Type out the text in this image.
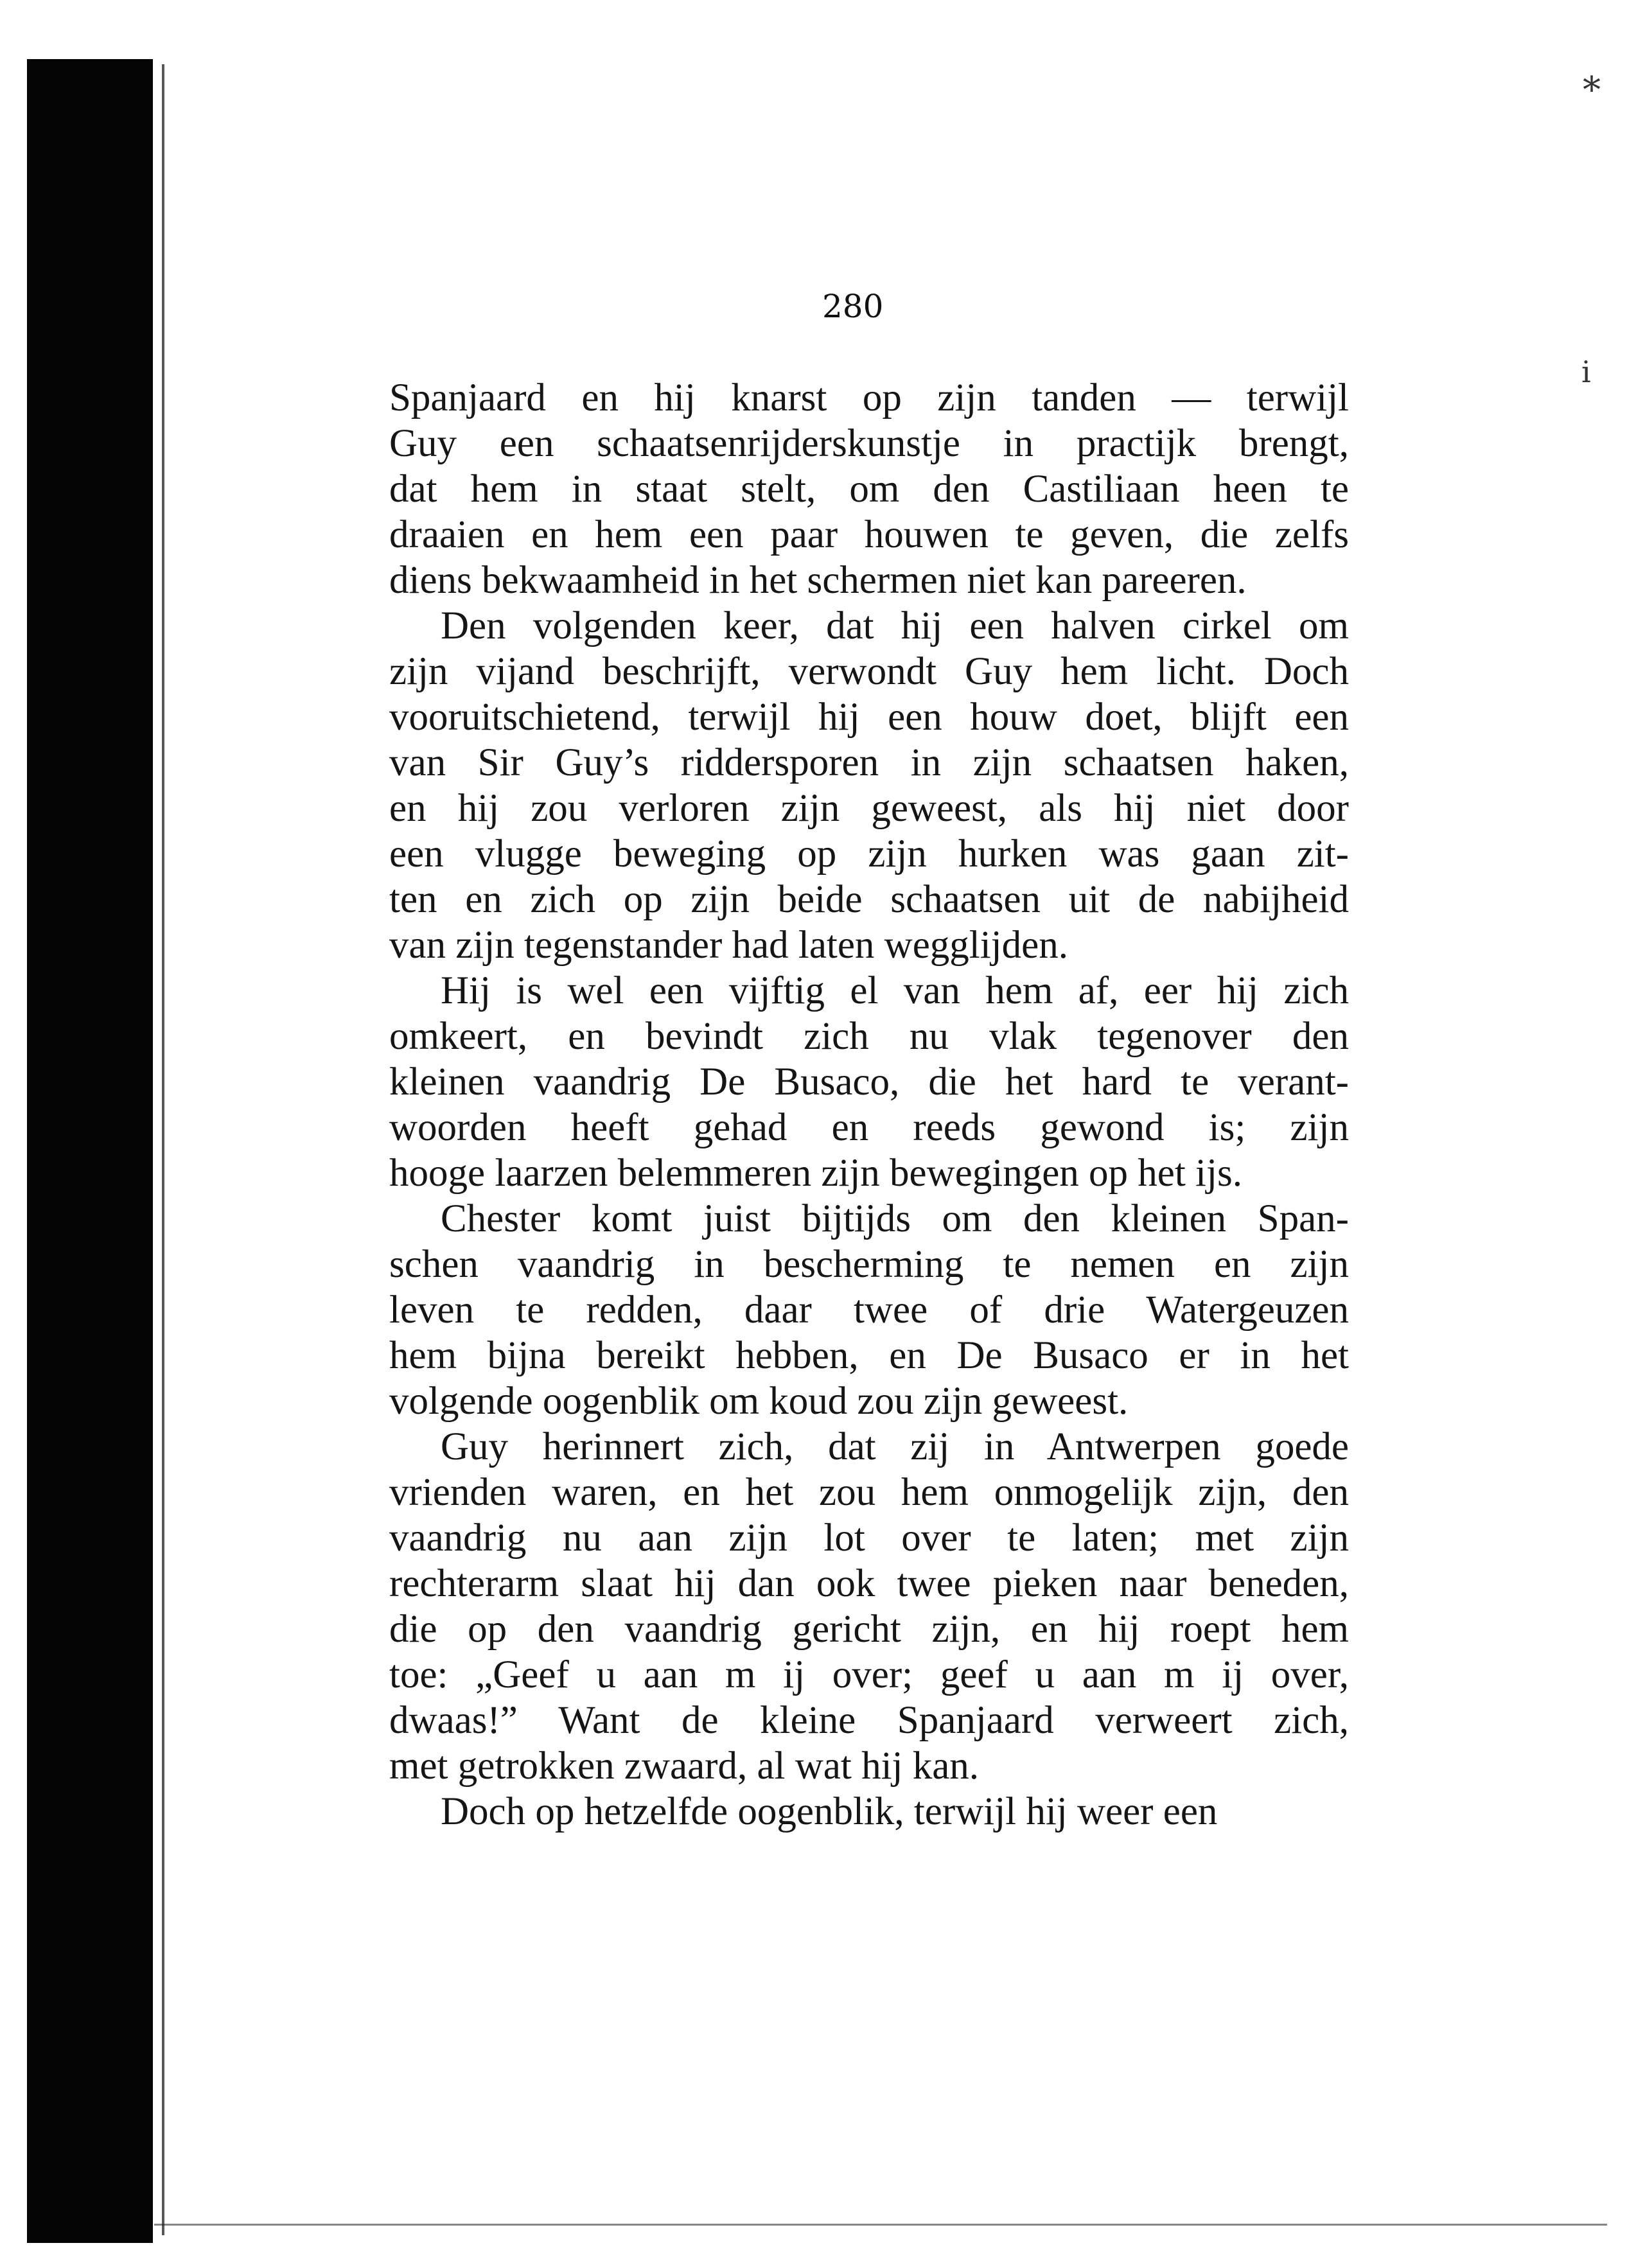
*
i
280
Spanjaard en hij knarst op zijn tanden — terwijl
Guy een schaatsenrijderskunstje in practijk brengt,
dat hem in staat stelt, om den Castiliaan heen te
draaien en hem een paar houwen te geven, die zelfs
diens bekwaamheid in het schermen niet kan pareeren.
Den volgenden keer, dat hij een halven cirkel om
zijn vijand beschrijft, verwondt Guy hem licht. Doch
vooruitschietend, terwijl hij een houw doet, blijft een
van Sir Guy’s riddersporen in zijn schaatsen haken,
en hij zou verloren zijn geweest, als hij niet door
een vlugge beweging op zijn hurken was gaan zit-
ten en zich op zijn beide schaatsen uit de nabijheid
van zijn tegenstander had laten wegglijden.
Hij is wel een vijftig el van hem af, eer hij zich
omkeert, en bevindt zich nu vlak tegenover den
kleinen vaandrig De Busaco, die het hard te verant-
woorden heeft gehad en reeds gewond is; zijn
hooge laarzen belemmeren zijn bewegingen op het ijs.
Chester komt juist bijtijds om den kleinen Span-
schen vaandrig in bescherming te nemen en zijn
leven te redden, daar twee of drie Watergeuzen
hem bijna bereikt hebben, en De Busaco er in het
volgende oogenblik om koud zou zijn geweest.
Guy herinnert zich, dat zij in Antwerpen goede
vrienden waren, en het zou hem onmogelijk zijn, den
vaandrig nu aan zijn lot over te laten; met zijn
rechterarm slaat hij dan ook twee pieken naar beneden,
die op den vaandrig gericht zijn, en hij roept hem
toe: „Geef u aan m ij over; geef u aan m ij over,
dwaas!” Want de kleine Spanjaard verweert zich,
met getrokken zwaard, al wat hij kan.
Doch op hetzelfde oogenblik, terwijl hij weer een
